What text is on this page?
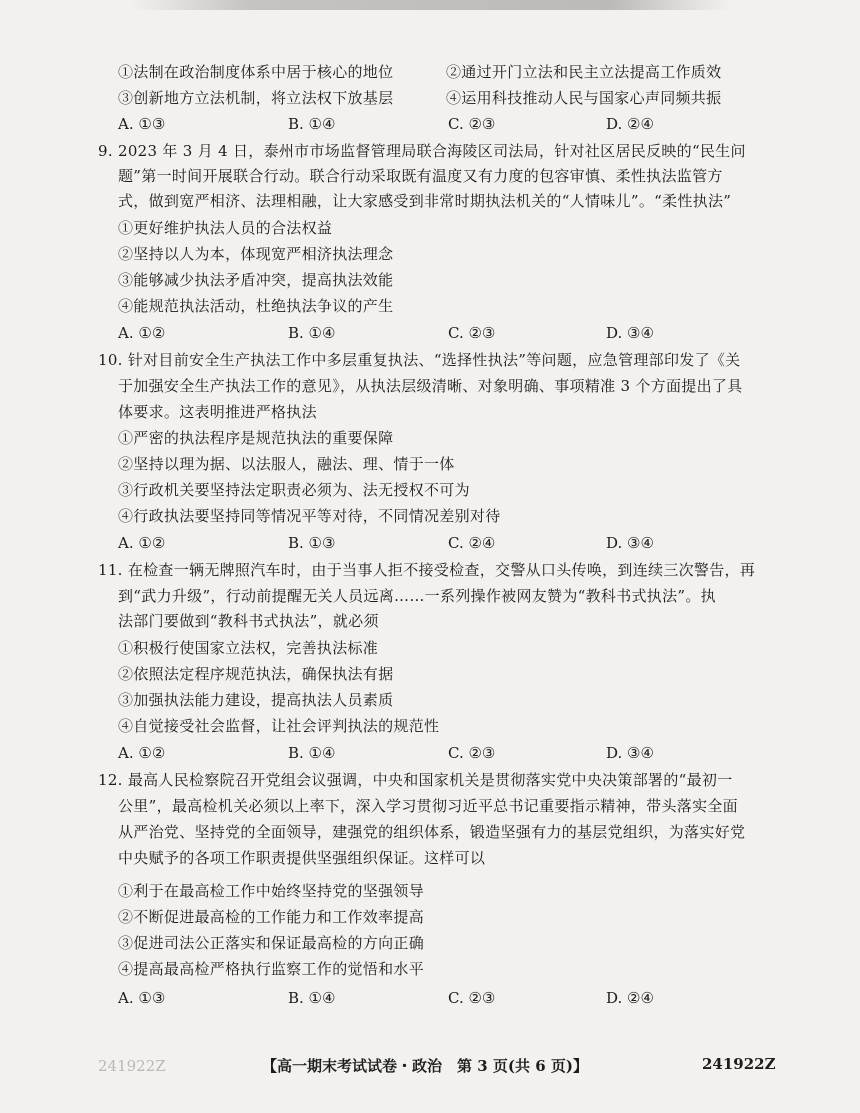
①法制在政治制度体系中居于核心的地位	②通过开门立法和民主立法提高工作质效
③创新地方立法机制，将立法权下放基层	④运用科技推动人民与国家心声同频共振
A. ①③	B. ①④	C. ②③	D. ②④
9. 2023 年 3 月 4 日，泰州市市场监督管理局联合海陵区司法局，针对社区居民反映的“民生问
题”第一时间开展联合行动。联合行动采取既有温度又有力度的包容审慎、柔性执法监管方
式，做到宽严相济、法理相融，让大家感受到非常时期执法机关的“人情味儿”。“柔性执法”
①更好维护执法人员的合法权益
②坚持以人为本，体现宽严相济执法理念
③能够减少执法矛盾冲突，提高执法效能
④能规范执法活动，杜绝执法争议的产生
A. ①②	B. ①④	C. ②③	D. ③④
10. 针对目前安全生产执法工作中多层重复执法、“选择性执法”等问题，应急管理部印发了《关
于加强安全生产执法工作的意见》，从执法层级清晰、对象明确、事项精准 3 个方面提出了具
体要求。这表明推进严格执法
①严密的执法程序是规范执法的重要保障
②坚持以理为据、以法服人，融法、理、情于一体
③行政机关要坚持法定职责必须为、法无授权不可为
④行政执法要坚持同等情况平等对待，不同情况差别对待
A. ①②	B. ①③	C. ②④	D. ③④
11. 在检查一辆无牌照汽车时，由于当事人拒不接受检查，交警从口头传唤，到连续三次警告，再
到“武力升级”，行动前提醒无关人员远离……一系列操作被网友赞为“教科书式执法”。执
法部门要做到“教科书式执法”，就必须
①积极行使国家立法权，完善执法标准
②依照法定程序规范执法，确保执法有据
③加强执法能力建设，提高执法人员素质
④自觉接受社会监督，让社会评判执法的规范性
A. ①②	B. ①④	C. ②③	D. ③④
12. 最高人民检察院召开党组会议强调，中央和国家机关是贯彻落实党中央决策部署的“最初一
公里”，最高检机关必须以上率下，深入学习贯彻习近平总书记重要指示精神，带头落实全面
从严治党、坚持党的全面领导，建强党的组织体系，锻造坚强有力的基层党组织，为落实好党
中央赋予的各项工作职责提供坚强组织保证。这样可以
①利于在最高检工作中始终坚持党的坚强领导
②不断促进最高检的工作能力和工作效率提高
③促进司法公正落实和保证最高检的方向正确
④提高最高检严格执行监察工作的觉悟和水平
A. ①③	B. ①④	C. ②③	D. ②④
241922Z	【高一期末考试试卷・政治　第 3 页(共 6 页)】	241922Z
